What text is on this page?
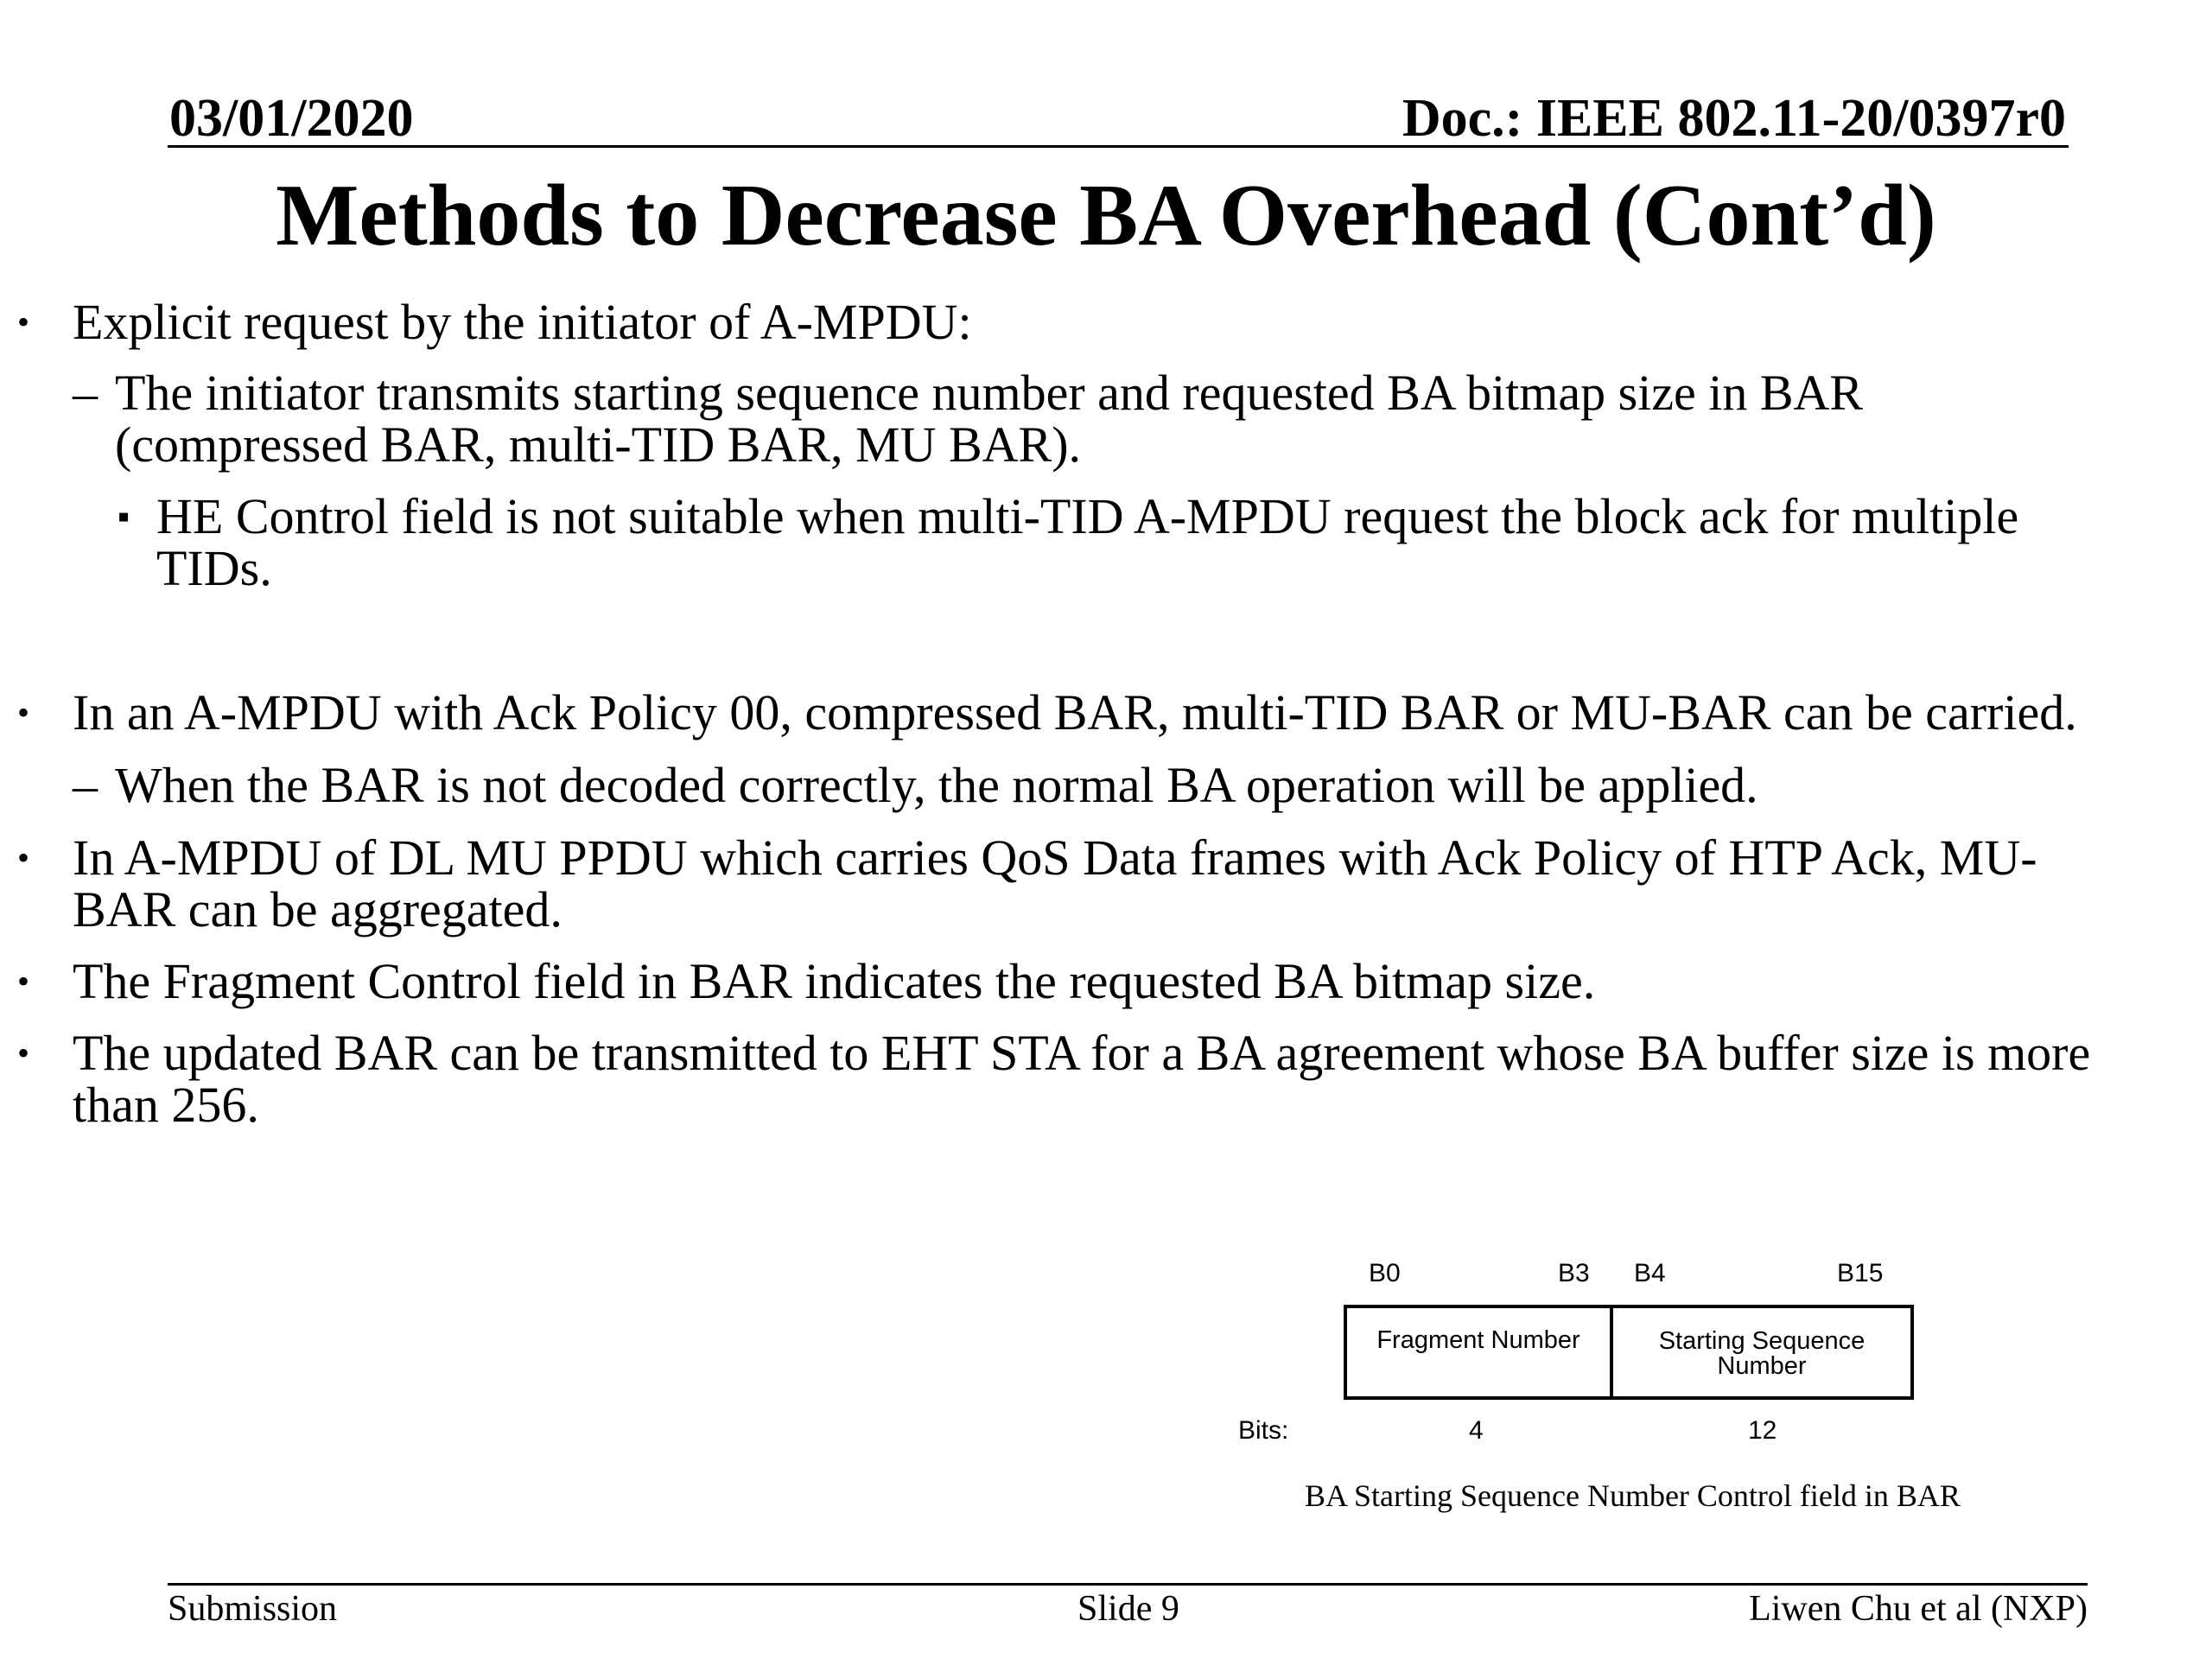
03/01/2020	Doc.: IEEE 802.11-20/0397r0
Methods to Decrease BA Overhead (Cont’d)
• Explicit request by the initiator of A-MPDU:
– The initiator transmits starting sequence number and requested BA bitmap size in BAR
(compressed BAR, multi-TID BAR, MU BAR).
▪ HE Control field is not suitable when multi-TID A-MPDU request the block ack for multiple
TIDs.
• In an A-MPDU with Ack Policy 00, compressed BAR, multi-TID BAR or MU-BAR can be carried.
– When the BAR is not decoded correctly, the normal BA operation will be applied.
• In A-MPDU of DL MU PPDU which carries QoS Data frames with Ack Policy of HTP Ack, MU-
BAR can be aggregated.
• The Fragment Control field in BAR indicates the requested BA bitmap size.
• The updated BAR can be transmitted to EHT STA for a BA agreement whose BA buffer size is more
than 256.
B0	B3 B4	B15
Fragment Number	Starting Sequence
Number
Bits:	4	12
BA Starting Sequence Number Control field in BAR
Submission	Slide 9	Liwen Chu et al (NXP)
